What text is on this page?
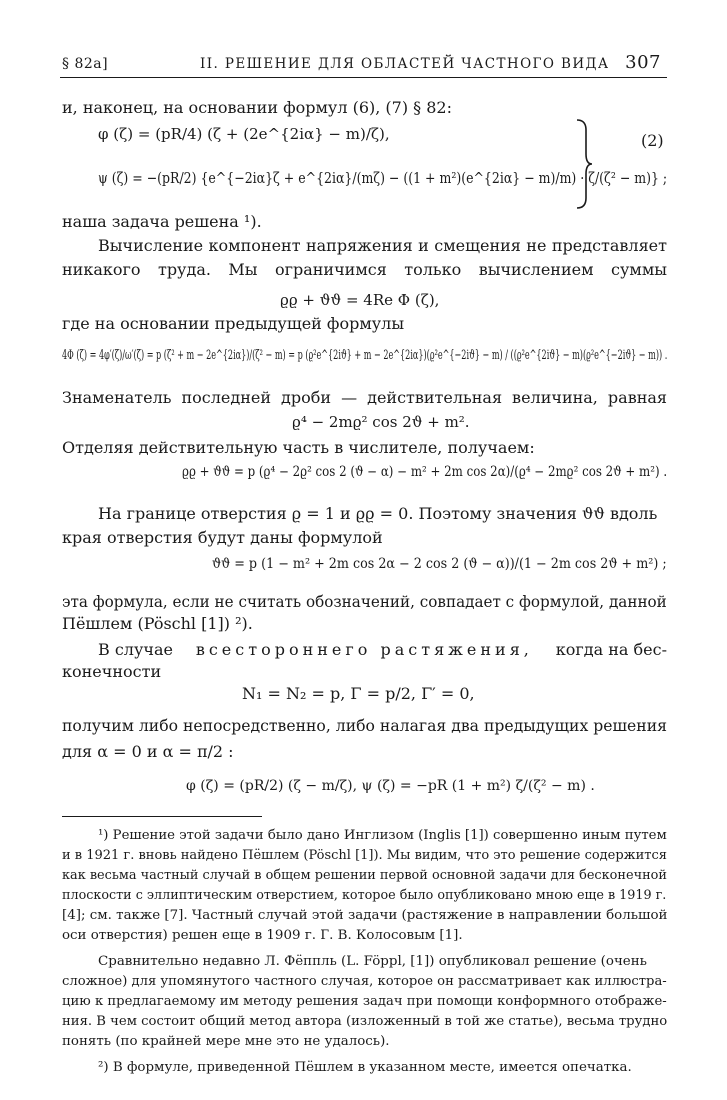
§ 82а]	II. РЕШЕНИЕ ДЛЯ ОБЛАСТЕЙ ЧАСТНОГО ВИДА 307
и, наконец, на основании формул (6), (7) § 82:
φ (ζ) = (pR/4) (ζ + (2e^{2iα} − m)/ζ),
ψ (ζ) = −(pR/2) {e^{−2iα}ζ + e^{2iα}/(mζ) − ((1 + m²)(e^{2iα} − m)/m) · ζ/(ζ² − m)} ;
(2)
наша задача решена ¹).
Вычисление компонент напряжения и смещения не представляет
никакого труда. Мы ограничимся только вычислением суммы
ϱϱ + ϑϑ = 4Re Φ (ζ),
где на основании предыдущей формулы
4Φ (ζ) = 4φ′(ζ)/ω′(ζ) = p (ζ² + m − 2e^{2iα})/(ζ² − m) = p (ϱ²e^{2iϑ} + m − 2e^{2iα})(ϱ²e^{−2iϑ} − m) / ((ϱ²e^{2iϑ} − m)(ϱ²e^{−2iϑ} − m)) .
Знаменатель последней дроби — действительная величина, равная
ϱ⁴ − 2mϱ² cos 2ϑ + m².
Отделяя действительную часть в числителе, получаем:
ϱϱ + ϑϑ = p (ϱ⁴ − 2ϱ² cos 2 (ϑ − α) − m² + 2m cos 2α)/(ϱ⁴ − 2mϱ² cos 2ϑ + m²) .
На границе отверстия ϱ = 1 и ϱϱ = 0. Поэтому значения ϑϑ вдоль
края отверстия будут даны формулой
ϑϑ = p (1 − m² + 2m cos 2α − 2 cos 2 (ϑ − α))/(1 − 2m cos 2ϑ + m²) ;
эта формула, если не считать обозначений, совпадает с формулой, данной
Пёшлем (Pöschl [1]) ²).
В случае всестороннего растяжения, когда на бес-
конечности
N₁ = N₂ = p, Γ = p/2, Γ′ = 0,
получим либо непосредственно, либо налагая два предыдущих решения
для α = 0 и α = π/2 :
φ (ζ) = (pR/2) (ζ − m/ζ), ψ (ζ) = −pR (1 + m²) ζ/(ζ² − m) .
¹) Решение этой задачи было дано Инглизом (Inglis [1]) совершенно иным путем
и в 1921 г. вновь найдено Пёшлем (Pöschl [1]). Мы видим, что это решение содержится
как весьма частный случай в общем решении первой основной задачи для бесконечной
плоскости с эллиптическим отверстием, которое было опубликовано мною еще в 1919 г.
[4]; см. также [7]. Частный случай этой задачи (растяжение в направлении большой
оси отверстия) решен еще в 1909 г. Г. В. Колосовым [1].
Сравнительно недавно Л. Фёппль (L. Föppl, [1]) опубликовал решение (очень
сложное) для упомянутого частного случая, которое он рассматривает как иллюстра-
цию к предлагаемому им методу решения задач при помощи конформного отображе-
ния. В чем состоит общий метод автора (изложенный в той же статье), весьма трудно
понять (по крайней мере мне это не удалось).
²) В формуле, приведенной Пёшлем в указанном месте, имеется опечатка.
